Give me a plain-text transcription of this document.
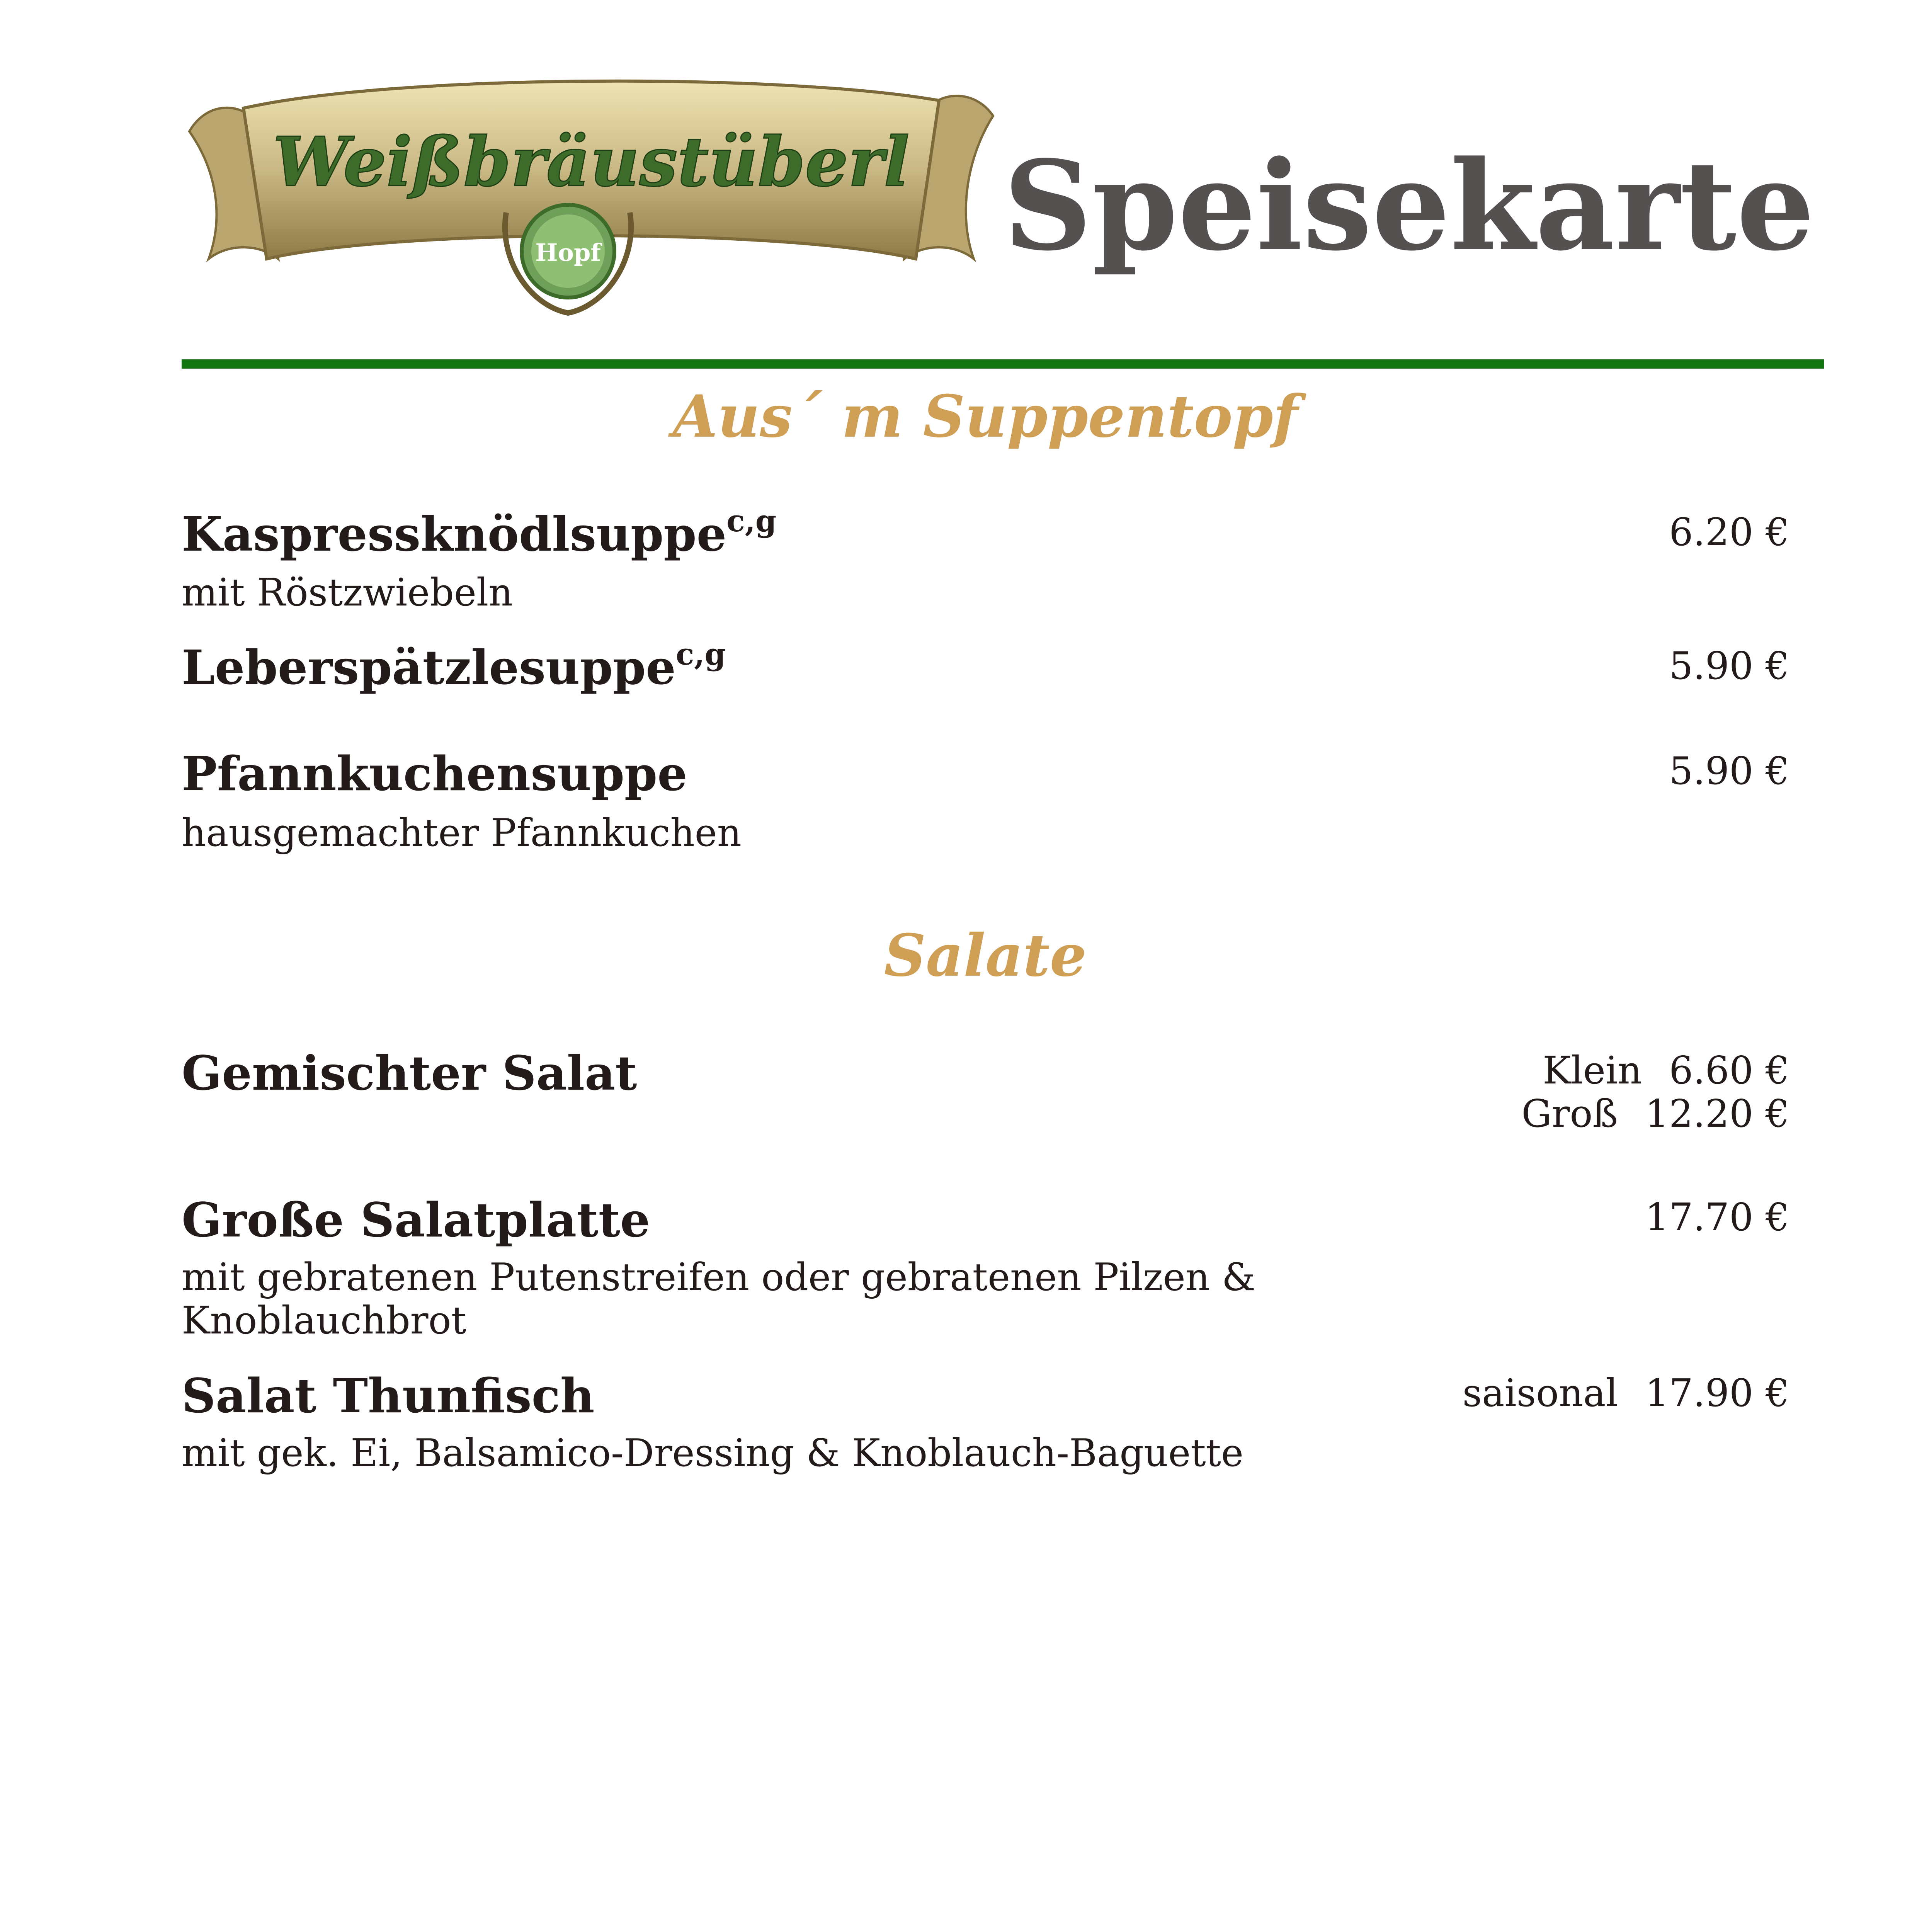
Hopf
Weißbräustüberl Speisekarte
Aus´ m Suppentopf

Kaspressknödlsuppe$^{c,g}$

mit Röstzwiebeln

6.20 €

Leberspätzlesuppe$^{c,g}$	5.90 €

Pfannkuchensuppe

hausgemachter Pfannkuchen

5.90 €

Salate

Gemischter Salat	Klein 6.60 €
Groß 12.20 €

Große Salatplatte

mit gebratenen Putenstreifen oder gebratenen Pilzen &
Knoblauchbrot

17.70 €

Salat Thunfisch

mit gek. Ei, Balsamico-Dressing & Knoblauch-Baguette

saisonal 17.90 €
